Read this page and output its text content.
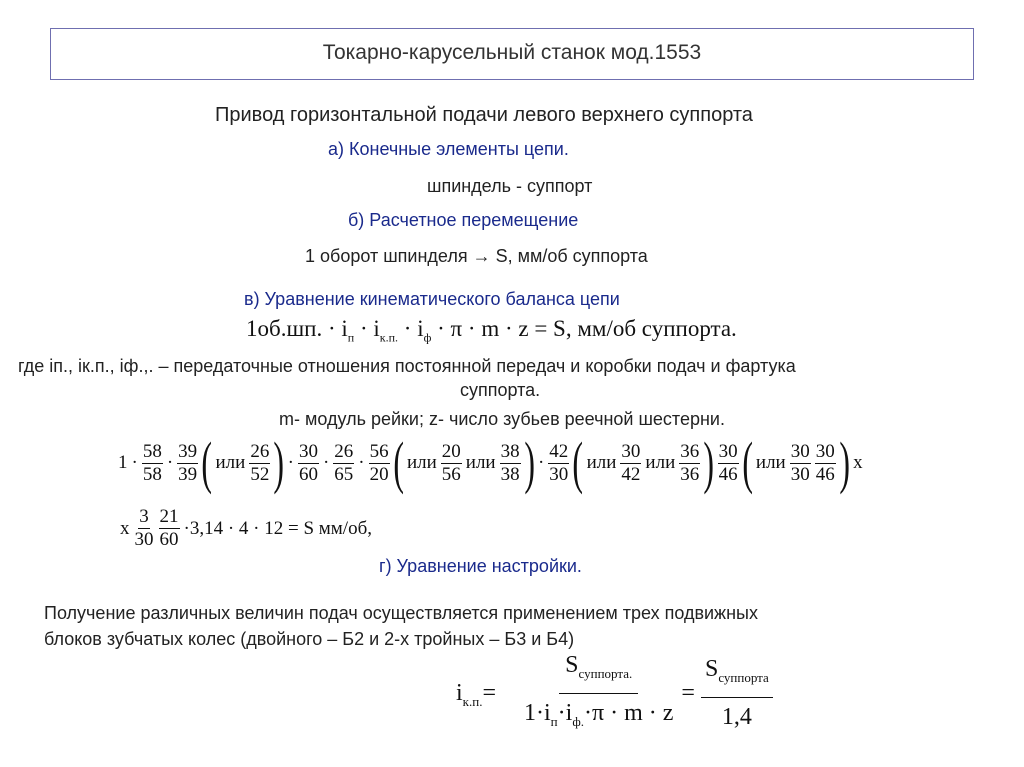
Токарно-карусельный станок мод.1553
Привод горизонтальной подачи левого верхнего суппорта
а) Конечные элементы цепи.
шпиндель - суппорт
б) Расчетное перемещение
1 оборот шпинделя → S, мм/об суппорта
в) Уравнение кинематического баланса цепи
1об.шп. · $i_п \cdot i_{к.п.} \cdot i_ф \cdot \pi \cdot m \cdot z = S$, мм/об суппорта.
где iп., iк.п., iф.,. – передаточные отношения постоянной передач и коробки подач и фартука
суппорта.
m- модуль рейки; z- число зубьев реечной шестерни.
$1 \cdot \frac{58}{58} \cdot \frac{39}{39}$ ( или $\frac{26}{52}$ ) · $\frac{30}{60} \cdot \frac{26}{65} \cdot \frac{56}{20}$ ( или $\frac{20}{56}$ или $\frac{38}{38}$ ) · $\frac{42}{30}$ ( или $\frac{30}{42}$ или $\frac{36}{36}$ ) $\frac{30}{46}$ ( или $\frac{30}{30} \frac{30}{46}$ ) х
х $\frac{3}{30} \frac{21}{60} \cdot 3,14 \cdot 4 \cdot 12 = S$ мм/об,
г) Уравнение настройки.
Получение различных величин подач осуществляется применением трех подвижных
блоков зубчатых колес (двойного – Б2 и 2-х тройных – Б3 и Б4)
$i_{к.п.}=$
$S_{суппорта.}$
$1\cdot i_п\cdot i_{ф.}\cdot\pi \cdot m \cdot z$
=
$S_{суппорта}$
1,4
